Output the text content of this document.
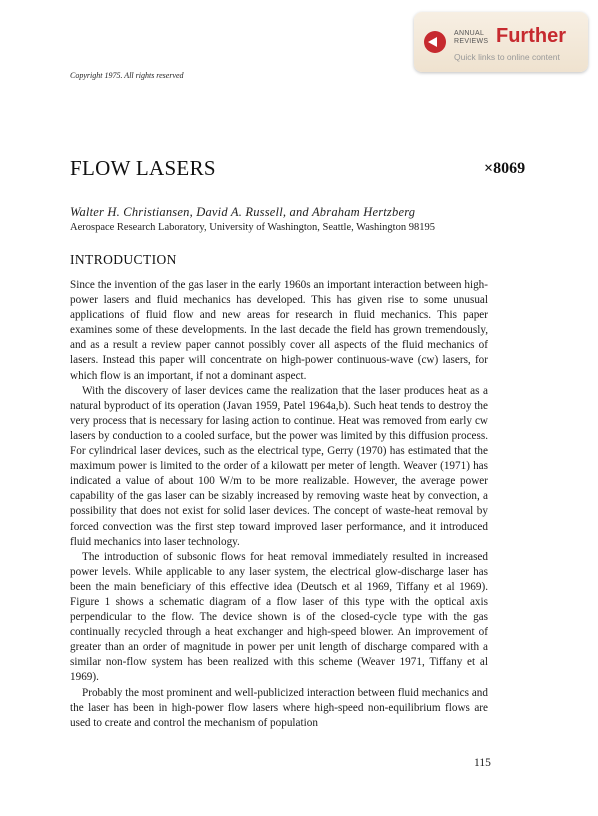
ANNUAL
REVIEWS Further
Quick links to online content
Copyright 1975. All rights reserved
FLOW LASERS	×8069
Walter H. Christiansen, David A. Russell, and Abraham Hertzberg
Aerospace Research Laboratory, University of Washington, Seattle, Washington 98195
INTRODUCTION

Since the invention of the gas laser in the early 1960s an important interaction between high-power lasers and fluid mechanics has developed. This has given rise to some unusual applications of fluid flow and new areas for research in fluid mechanics. This paper examines some of these developments. In the last decade the field has grown tremendously, and as a result a review paper cannot possibly cover all aspects of the fluid mechanics of lasers. Instead this paper will concentrate on high-power continuous-wave (cw) lasers, for which flow is an important, if not a dominant aspect.

With the discovery of laser devices came the realization that the laser produces heat as a natural byproduct of its operation (Javan 1959, Patel 1964a,b). Such heat tends to destroy the very process that is necessary for lasing action to continue. Heat was removed from early cw lasers by conduction to a cooled surface, but the power was limited by this diffusion process. For cylindrical laser devices, such as the electrical type, Gerry (1970) has estimated that the maximum power is limited to the order of a kilowatt per meter of length. Weaver (1971) has indicated a value of about 100 W/m to be more realizable. However, the average power capability of the gas laser can be sizably increased by removing waste heat by convection, a possibility that does not exist for solid laser devices. The concept of waste-heat removal by forced convection was the first step toward improved laser performance, and it introduced fluid mechanics into laser technology.

The introduction of subsonic flows for heat removal immediately resulted in increased power levels. While applicable to any laser system, the electrical glow-discharge laser has been the main beneficiary of this effective idea (Deutsch et al 1969, Tiffany et al 1969). Figure 1 shows a schematic diagram of a flow laser of this type with the optical axis perpendicular to the flow. The device shown is of the closed-cycle type with the gas continually recycled through a heat exchanger and high-speed blower. An improvement of greater than an order of magnitude in power per unit length of discharge compared with a similar non-flow system has been realized with this scheme (Weaver 1971, Tiffany et al 1969).

Probably the most prominent and well-publicized interaction between fluid mechanics and the laser has been in high-power flow lasers where high-speed non-equilibrium flows are used to create and control the mechanism of population

115
